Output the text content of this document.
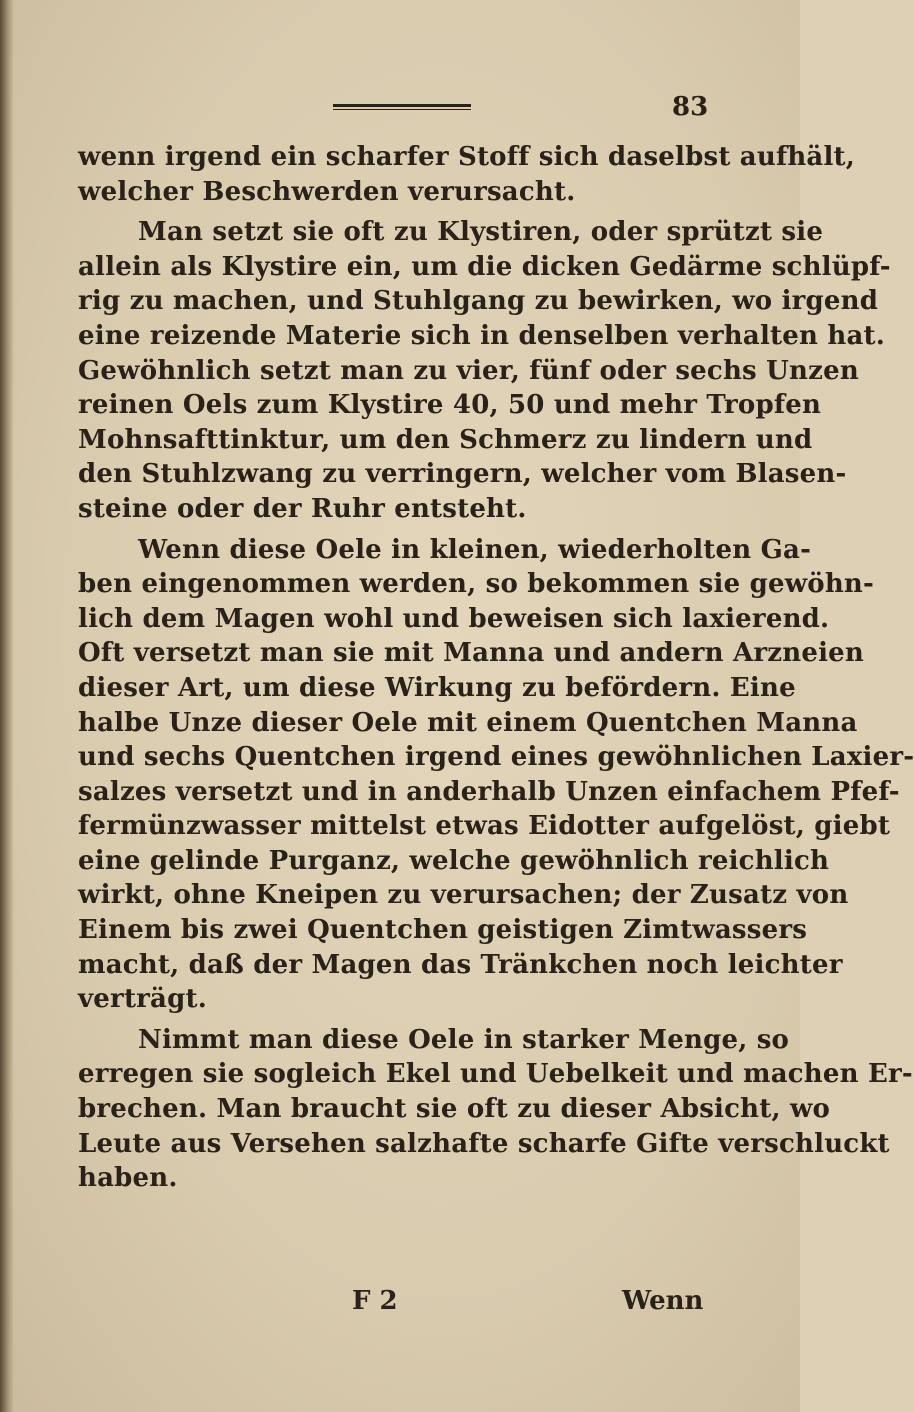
83
wenn irgend ein scharfer Stoff sich daselbst aufhält,
welcher Beschwerden verursacht.
Man setzt sie oft zu Klystiren, oder sprützt sie
allein als Klystire ein, um die dicken Gedärme schlüpf-
rig zu machen, und Stuhlgang zu bewirken, wo irgend
eine reizende Materie sich in denselben verhalten hat.
Gewöhnlich setzt man zu vier, fünf oder sechs Unzen
reinen Oels zum Klystire 40, 50 und mehr Tropfen
Mohnsafttinktur, um den Schmerz zu lindern und
den Stuhlzwang zu verringern, welcher vom Blasen-
steine oder der Ruhr entsteht.
Wenn diese Oele in kleinen, wiederholten Ga-
ben eingenommen werden, so bekommen sie gewöhn-
lich dem Magen wohl und beweisen sich laxierend.
Oft versetzt man sie mit Manna und andern Arzneien
dieser Art, um diese Wirkung zu befördern. Eine
halbe Unze dieser Oele mit einem Quentchen Manna
und sechs Quentchen irgend eines gewöhnlichen Laxier-
salzes versetzt und in anderhalb Unzen einfachem Pfef-
fermünzwasser mittelst etwas Eidotter aufgelöst, giebt
eine gelinde Purganz, welche gewöhnlich reichlich
wirkt, ohne Kneipen zu verursachen; der Zusatz von
Einem bis zwei Quentchen geistigen Zimtwassers
macht, daß der Magen das Tränkchen noch leichter
verträgt.
Nimmt man diese Oele in starker Menge, so
erregen sie sogleich Ekel und Uebelkeit und machen Er-
brechen. Man braucht sie oft zu dieser Absicht, wo
Leute aus Versehen salzhafte scharfe Gifte verschluckt
haben.
F 2	Wenn
